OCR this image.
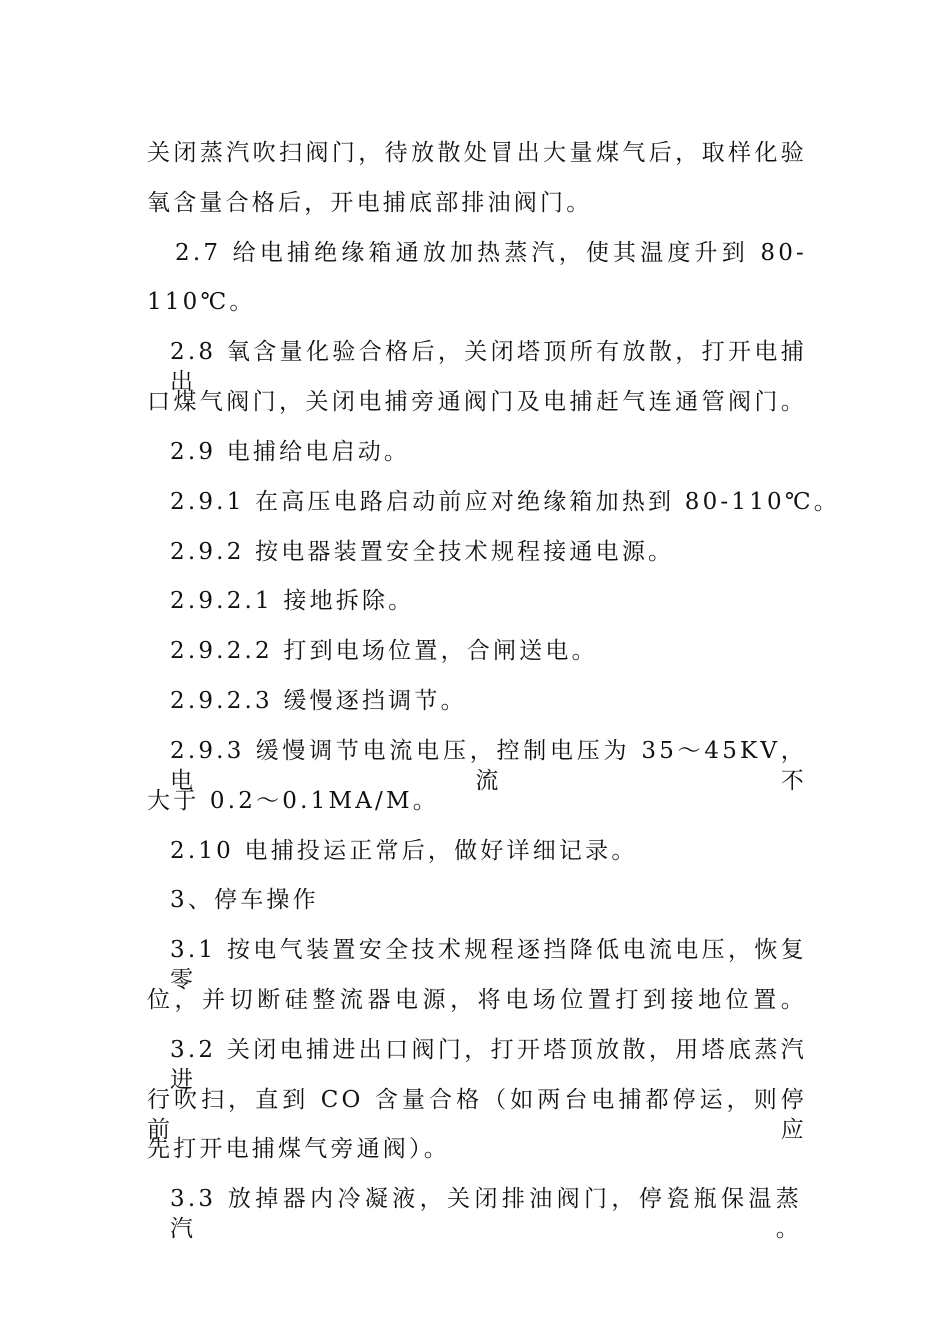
关闭蒸汽吹扫阀门，待放散处冒出大量煤气后，取样化验
氧含量合格后，开电捕底部排油阀门。
2.7 给电捕绝缘箱通放加热蒸汽，使其温度升到 80-
110℃。
2.8 氧含量化验合格后，关闭塔顶所有放散，打开电捕出
口煤气阀门，关闭电捕旁通阀门及电捕赶气连通管阀门。
2.9 电捕给电启动。
2.9.1 在高压电路启动前应对绝缘箱加热到 80-110℃。
2.9.2 按电器装置安全技术规程接通电源。
2.9.2.1 接地拆除。
2.9.2.2 打到电场位置，合闸送电。
2.9.2.3 缓慢逐挡调节。
2.9.3 缓慢调节电流电压，控制电压为 35～45KV，电流不
大于 0.2～0.1MA/M。
2.10 电捕投运正常后，做好详细记录。
3、停车操作
3.1 按电气装置安全技术规程逐挡降低电流电压，恢复零
位，并切断硅整流器电源，将电场位置打到接地位置。
3.2 关闭电捕进出口阀门，打开塔顶放散，用塔底蒸汽进
行吹扫，直到 CO 含量合格（如两台电捕都停运，则停前应
先打开电捕煤气旁通阀）。
3.3 放掉器内冷凝液，关闭排油阀门，停瓷瓶保温蒸汽。
